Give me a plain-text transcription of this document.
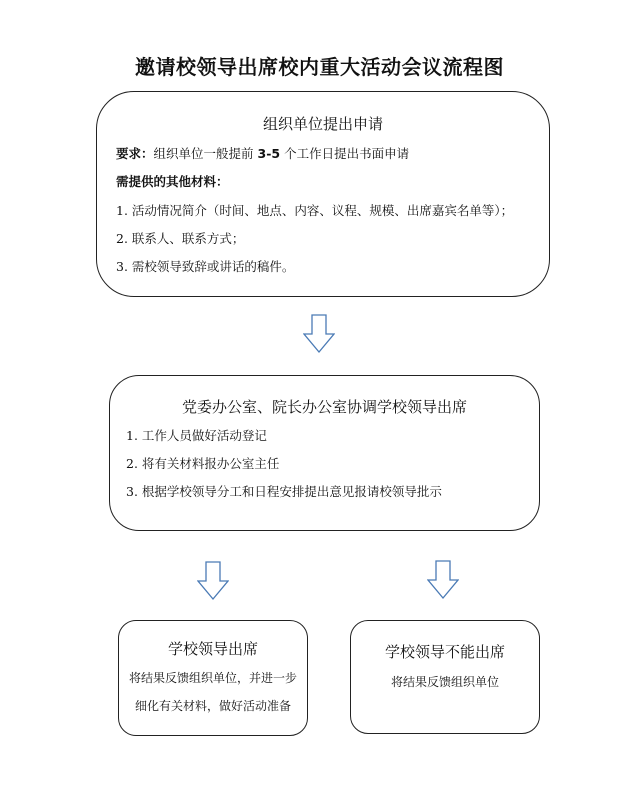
邀请校领导出席校内重大活动会议流程图
组织单位提出申请
要求：组织单位一般提前 3-5 个工作日提出书面申请
需提供的其他材料：
1. 活动情况简介（时间、地点、内容、议程、规模、出席嘉宾名单等）；
2. 联系人、联系方式；
3. 需校领导致辞或讲话的稿件。
党委办公室、院长办公室协调学校领导出席
1. 工作人员做好活动登记
2. 将有关材料报办公室主任
3. 根据学校领导分工和日程安排提出意见报请校领导批示
学校领导出席
将结果反馈组织单位，并进一步
细化有关材料，做好活动准备
学校领导不能出席
将结果反馈组织单位
